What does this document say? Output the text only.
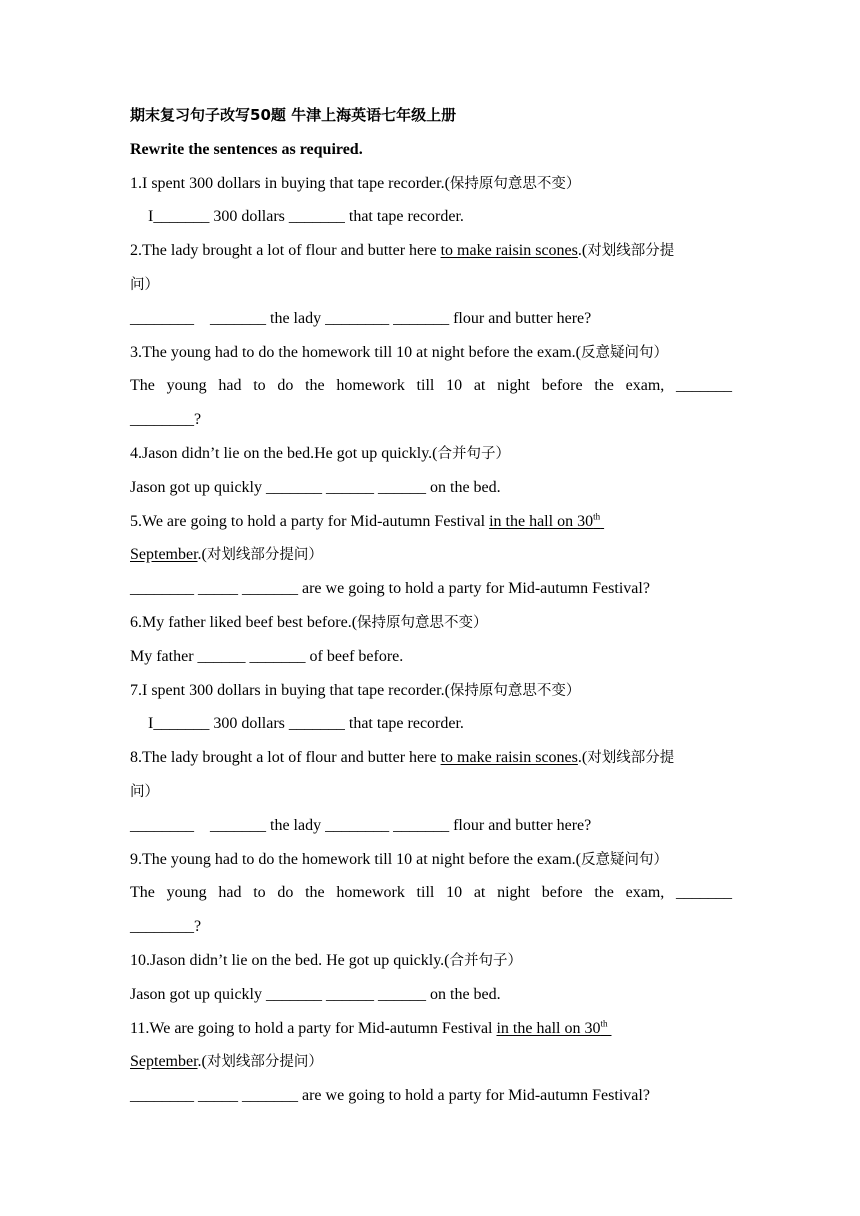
期末复习句子改写50题 牛津上海英语七年级上册
Rewrite the sentences as required.
1.I spent 300 dollars in buying that tape recorder.(保持原句意思不变）
I_______ 300 dollars _______ that tape recorder.
2.The lady brought a lot of flour and butter here to make raisin scones.(对划线部分提
问）
________    _______ the lady ________ _______ flour and butter here?
3.The young had to do the homework till 10 at night before the exam.(反意疑问句）
The young had to do the homework till 10 at night before the exam, _______
________?
4.Jason didn’t lie on the bed.He got up quickly.(合并句子）
Jason got up quickly _______ ______ ______ on the bed.
5.We are going to hold a party for Mid-autumn Festival in the hall on 30th
September.(对划线部分提问）
________ _____ _______ are we going to hold a party for Mid-autumn Festival?
6.My father liked beef best before.(保持原句意思不变）
My father ______ _______ of beef before.
7.I spent 300 dollars in buying that tape recorder.(保持原句意思不变）
I_______ 300 dollars _______ that tape recorder.
8.The lady brought a lot of flour and butter here to make raisin scones.(对划线部分提
问）
________    _______ the lady ________ _______ flour and butter here?
9.The young had to do the homework till 10 at night before the exam.(反意疑问句）
The young had to do the homework till 10 at night before the exam, _______
________?
10.Jason didn’t lie on the bed. He got up quickly.(合并句子）
Jason got up quickly _______ ______ ______ on the bed.
11.We are going to hold a party for Mid-autumn Festival in the hall on 30th
September.(对划线部分提问）
________ _____ _______ are we going to hold a party for Mid-autumn Festival?
